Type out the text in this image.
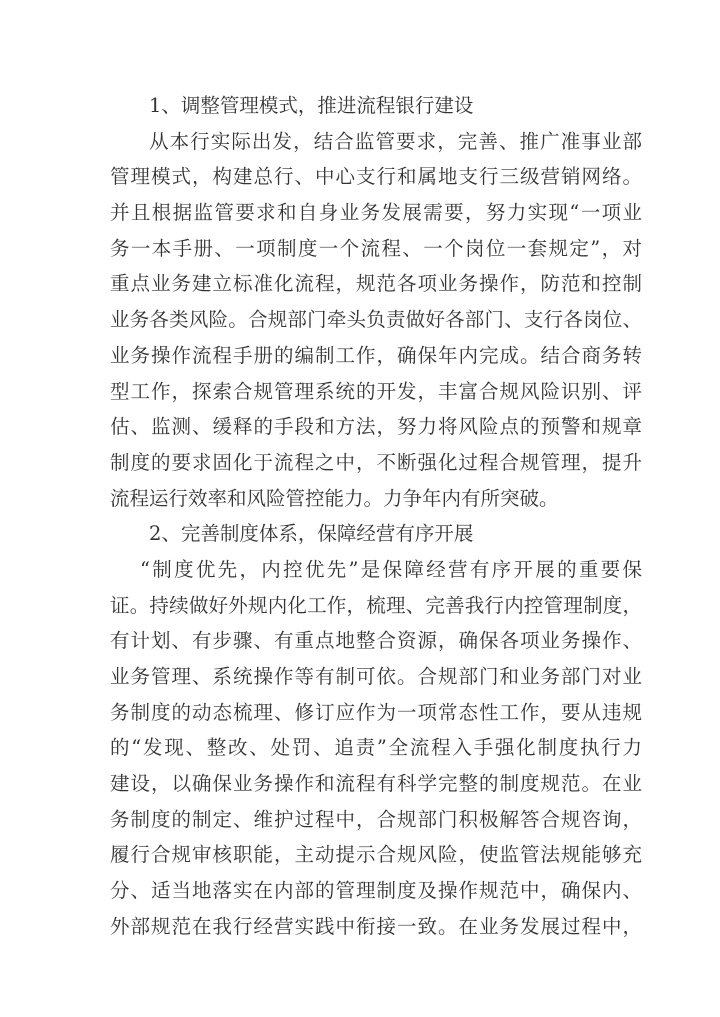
1、调整管理模式，推进流程银行建设
从本行实际出发，结合监管要求，完善、推广准事业部
管理模式，构建总行、中心支行和属地支行三级营销网络。
并且根据监管要求和自身业务发展需要，努力实现“一项业
务一本手册、一项制度一个流程、一个岗位一套规定”，对
重点业务建立标准化流程，规范各项业务操作，防范和控制
业务各类风险。合规部门牵头负责做好各部门、支行各岗位、
业务操作流程手册的编制工作，确保年内完成。结合商务转
型工作，探索合规管理系统的开发，丰富合规风险识别、评
估、监测、缓释的手段和方法，努力将风险点的预警和规章
制度的要求固化于流程之中，不断强化过程合规管理，提升
流程运行效率和风险管控能力。力争年内有所突破。
2、完善制度体系，保障经营有序开展
“制度优先，内控优先”是保障经营有序开展的重要保
证。持续做好外规内化工作，梳理、完善我行内控管理制度，
有计划、有步骤、有重点地整合资源，确保各项业务操作、
业务管理、系统操作等有制可依。合规部门和业务部门对业
务制度的动态梳理、修订应作为一项常态性工作，要从违规
的“发现、整改、处罚、追责”全流程入手强化制度执行力
建设，以确保业务操作和流程有科学完整的制度规范。在业
务制度的制定、维护过程中，合规部门积极解答合规咨询，
履行合规审核职能，主动提示合规风险，使监管法规能够充
分、适当地落实在内部的管理制度及操作规范中，确保内、
外部规范在我行经营实践中衔接一致。在业务发展过程中，
